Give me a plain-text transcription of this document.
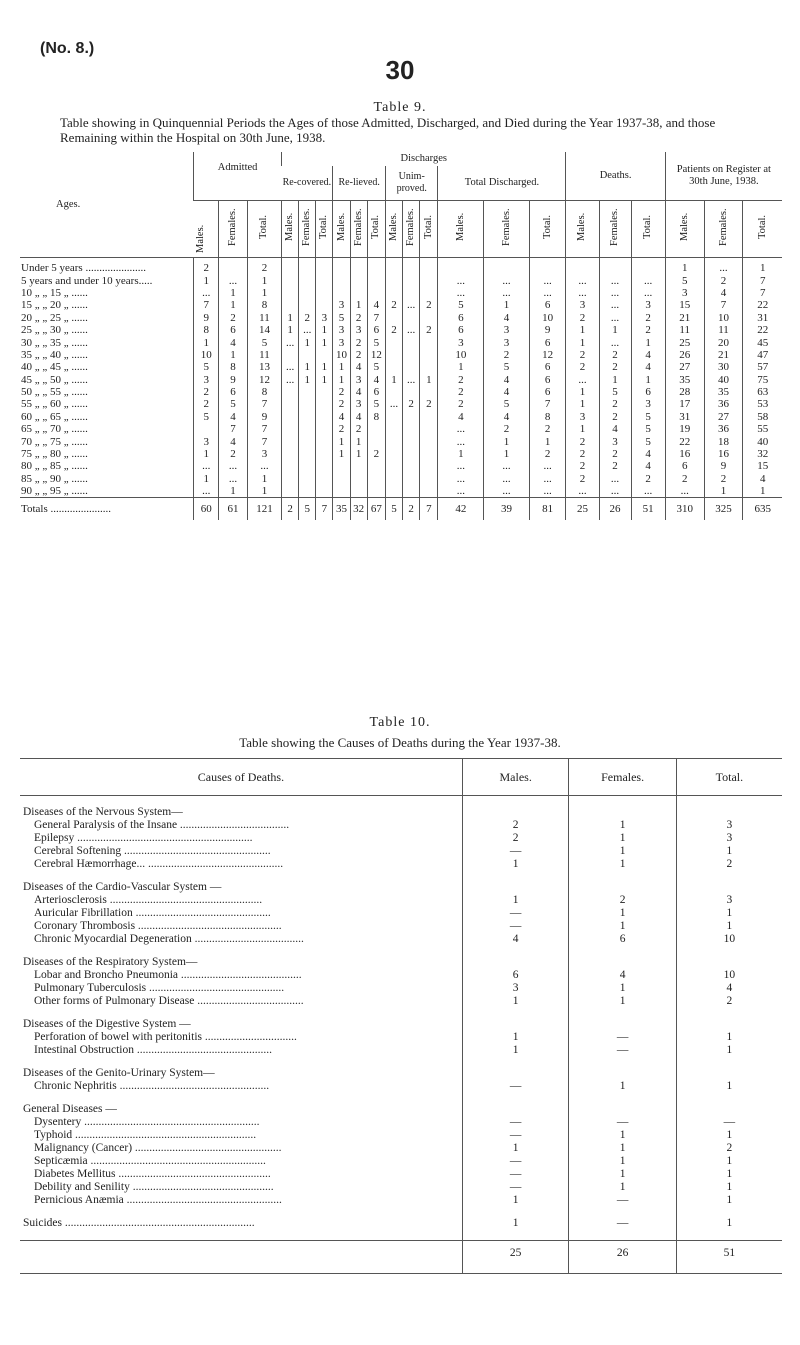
(No. 8.)
30
Table 9.
Table showing in Quinquennial Periods the Ages of those Admitted, Discharged, and Died during the Year 1937-38, and those Remaining within the Hospital on 30th June, 1938.
Ages.	Admitted			Discharges												Deaths.			Patients on Register at 30th June, 1938.		
				Re-covered.			Re-lieved.			Unim-proved.			Total Discharged.								
	Males.	Females.	Total.	Males.	Females.	Total.	Males.	Females.	Total.	Males.	Females.	Total.	Males.	Females.	Total.	Males.	Females.	Total.	Males.	Females.	Total.
Under 5 years ......................	2		2																1	...	1
5 years and under 10 years.....	1	...	1										...	...	...	...	...	...	5	2	7
10 „ „ 15 „ ......	...	1	1										...	...	...	...	...	...	3	4	7
15 „ „ 20 „ ......	7	1	8				3	1	4	2	...	2	5	1	6	3	...	3	15	7	22
20 „ „ 25 „ ......	9	2	11	1	2	3	5	2	7				6	4	10	2	...	2	21	10	31
25 „ „ 30 „ ......	8	6	14	1	...	1	3	3	6	2	...	2	6	3	9	1	1	2	11	11	22
30 „ „ 35 „ ......	1	4	5	...	1	1	3	2	5				3	3	6	1	...	1	25	20	45
35 „ „ 40 „ ......	10	1	11				10	2	12				10	2	12	2	2	4	26	21	47
40 „ „ 45 „ ......	5	8	13	...	1	1	1	4	5				1	5	6	2	2	4	27	30	57
45 „ „ 50 „ ......	3	9	12	...	1	1	1	3	4	1	...	1	2	4	6	...	1	1	35	40	75
50 „ „ 55 „ ......	2	6	8				2	4	6				2	4	6	1	5	6	28	35	63
55 „ „ 60 „ ......	2	5	7				2	3	5	...	2	2	2	5	7	1	2	3	17	36	53
60 „ „ 65 „ ......	5	4	9				4	4	8				4	4	8	3	2	5	31	27	58
65 „ „ 70 „ ......		7	7				2	2					...	2	2	1	4	5	19	36	55
70 „ „ 75 „ ......	3	4	7				1	1					...	1	1	2	3	5	22	18	40
75 „ „ 80 „ ......	1	2	3				1	1	2				1	1	2	2	2	4	16	16	32
80 „ „ 85 „ ......	...	...	...										...	...	...	2	2	4	6	9	15
85 „ „ 90 „ ......	1	...	1										...	...	...	2	...	2	2	2	4
90 „ „ 95 „ ......	...	1	1										...	...	...	...	...	...	...	1	1
Totals ......................	60	61	121	2	5	7	35	32	67	5	2	7	42	39	81	25	26	51	310	325	635
Table 10.
Table showing the Causes of Deaths during the Year 1937-38.
Causes of Deaths.	Males.	Females.	Total.

Diseases of the Nervous System—			
General Paralysis of the Insane ......................................	2	1	3
Epilepsy .............................................................	2	1	3
Cerebral Softening ...................................................	—	1	1
Cerebral Hæmorrhage... ...............................................	1	1	2

Diseases of the Cardio-Vascular System —			
Arteriosclerosis .....................................................	1	2	3
Auricular Fibrillation ...............................................	—	1	1
Coronary Thrombosis ..................................................	—	1	1
Chronic Myocardial Degeneration ......................................	4	6	10

Diseases of the Respiratory System—			
Lobar and Broncho Pneumonia ..........................................	6	4	10
Pulmonary Tuberculosis ...............................................	3	1	4
Other forms of Pulmonary Disease .....................................	1	1	2

Diseases of the Digestive System —			
Perforation of bowel with peritonitis ................................	1	—	1
Intestinal Obstruction ...............................................	1	—	1

Diseases of the Genito-Urinary System—			
Chronic Nephritis ....................................................	—	1	1

General Diseases —			
Dysentery .............................................................	—	—	—
Typhoid ...............................................................	—	1	1
Malignancy (Cancer) ...................................................	1	1	2
Septicæmia .............................................................	—	1	1
Diabetes Mellitus .....................................................	—	1	1
Debility and Senility .................................................	—	1	1
Pernicious Anæmia ......................................................	1	—	1

Suicides ..................................................................	1	—	1

	25	26	51
